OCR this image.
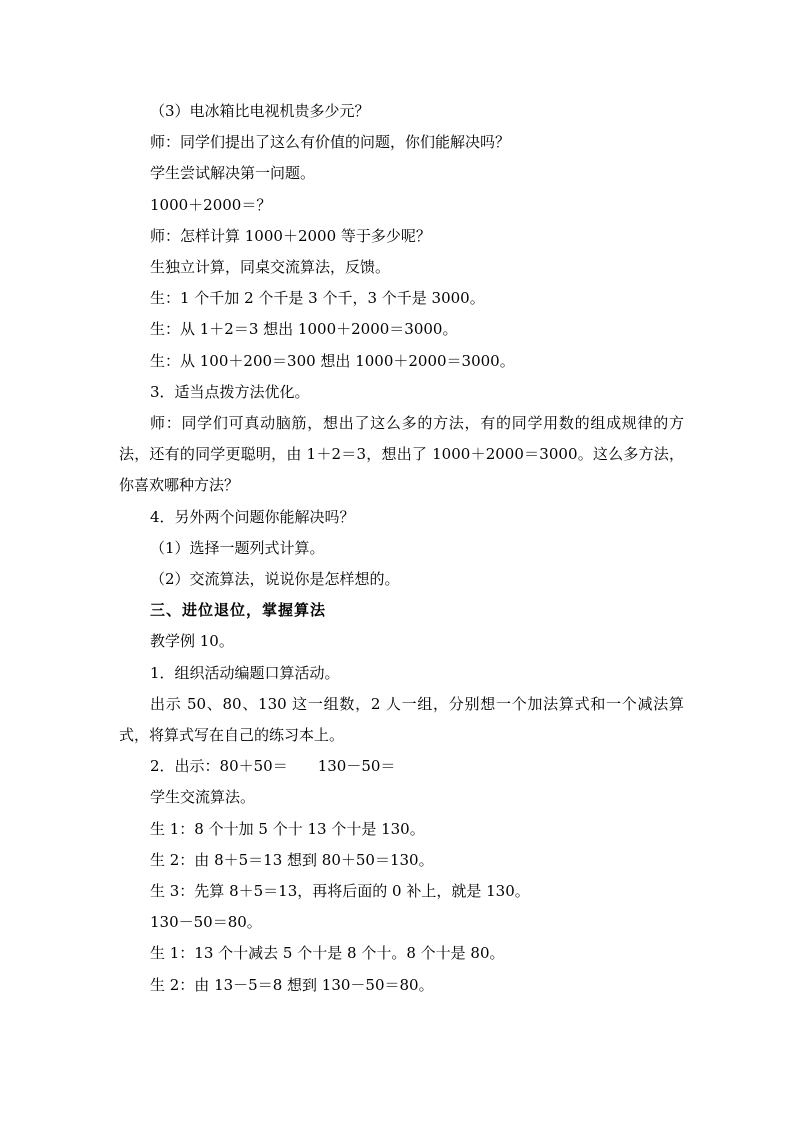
（3）电冰箱比电视机贵多少元？
师：同学们提出了这么有价值的问题，你们能解决吗？
学生尝试解决第一问题。
1000＋2000＝？
师：怎样计算 1000＋2000 等于多少呢？
生独立计算，同桌交流算法，反馈。
生：1 个千加 2 个千是 3 个千，3 个千是 3000。
生：从 1＋2＝3 想出 1000＋2000＝3000。
生：从 100＋200＝300 想出 1000＋2000＝3000。
3．适当点拨方法优化。
师：同学们可真动脑筋，想出了这么多的方法，有的同学用数的组成规律的方法，还有的同学更聪明，由 1＋2＝3，想出了 1000＋2000＝3000。这么多方法，你喜欢哪种方法？
4．另外两个问题你能解决吗？
（1）选择一题列式计算。
（2）交流算法，说说你是怎样想的。
三、进位退位，掌握算法
教学例 10。
1．组织活动编题口算活动。
出示 50、80、130 这一组数，2 人一组，分别想一个加法算式和一个减法算式，将算式写在自己的练习本上。
2．出示：80＋50＝　　130－50＝
学生交流算法。
生 1：8 个十加 5 个十 13 个十是 130。
生 2：由 8＋5＝13 想到 80＋50＝130。
生 3：先算 8＋5＝13，再将后面的 0 补上，就是 130。
130－50＝80。
生 1：13 个十减去 5 个十是 8 个十。8 个十是 80。
生 2：由 13－5＝8 想到 130－50＝80。
